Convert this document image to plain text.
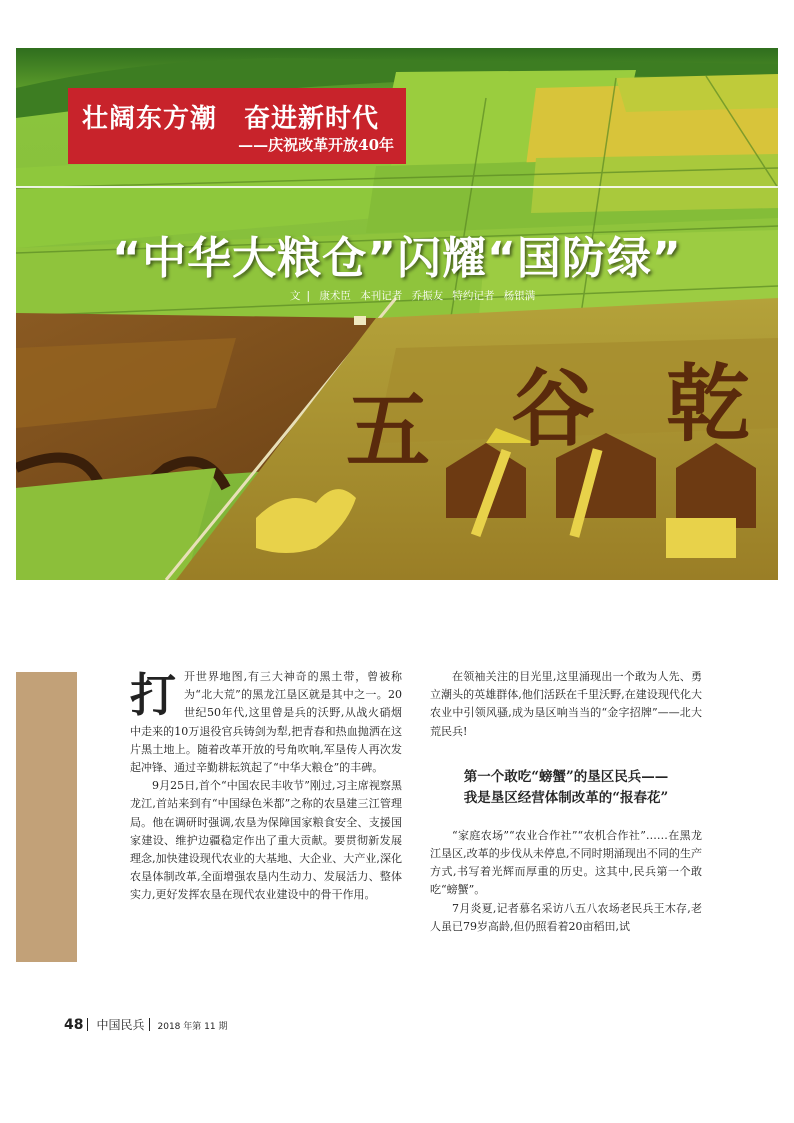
五 谷 乾
壮阔东方潮　奋进新时代
——庆祝改革开放40年
“中华大粮仓”闪耀“国防绿”
文 | 康术臣 本刊记者 乔振友 特约记者 杨银满

打开世界地图,有三大神奇的黑土带，曾被称为“北大荒”的黑龙江垦区就是其中之一。20世纪50年代,这里曾是兵的沃野,从战火硝烟中走来的10万退役官兵铸剑为犁,把青春和热血抛洒在这片黑土地上。随着改革开放的号角吹响,军垦传人再次发起冲锋、通过辛勤耕耘筑起了“中华大粮仓”的丰碑。

9月25日,首个“中国农民丰收节”刚过,习主席视察黑龙江,首站来到有“中国绿色米都”之称的农垦建三江管理局。他在调研时强调,农垦为保障国家粮食安全、支援国家建设、维护边疆稳定作出了重大贡献。要贯彻新发展理念,加快建设现代农业的大基地、大企业、大产业,深化农垦体制改革,全面增强农垦内生动力、发展活力、整体实力,更好发挥农垦在现代农业建设中的骨干作用。

在领袖关注的目光里,这里涌现出一个敢为人先、勇立潮头的英雄群体,他们活跃在千里沃野,在建设现代化大农业中引领风骚,成为垦区响当当的“金字招牌”——北大荒民兵!

第一个敢吃“螃蟹”的垦区民兵——
我是垦区经营体制改革的“报春花”

“家庭农场”“农业合作社”“农机合作社”……在黑龙江垦区,改革的步伐从未停息,不同时期涌现出不同的生产方式,书写着光辉而厚重的历史。这其中,民兵第一个敢吃“螃蟹”。

7月炎夏,记者慕名采访八五八农场老民兵王木存,老人虽已79岁高龄,但仍照看着20亩稻田,试

48 中国民兵 2018 年第 11 期
